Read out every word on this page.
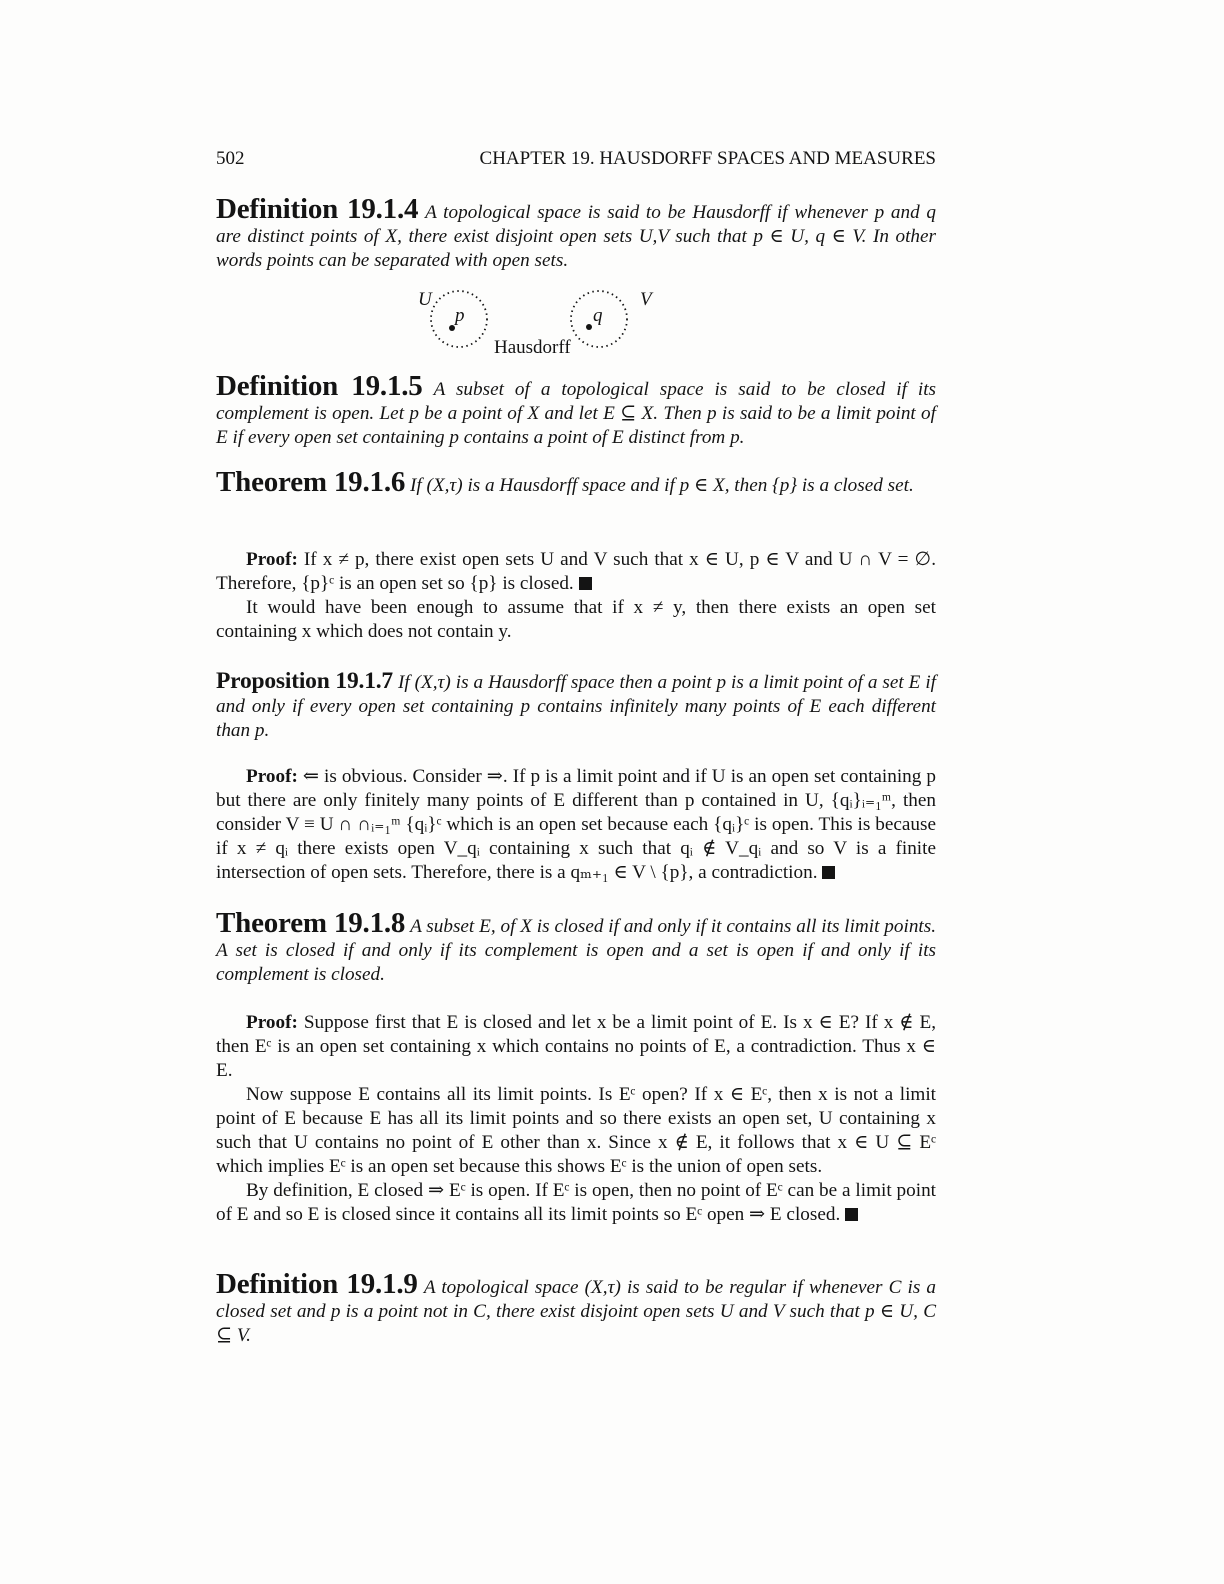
502	CHAPTER 19. HAUSDORFF SPACES AND MEASURES
Definition 19.1.4 A topological space is said to be Hausdorff if whenever p and q are distinct points of X, there exist disjoint open sets U,V such that p ∈ U, q ∈ V. In other words points can be separated with open sets.
U	V
p	q
Hausdorff
Definition 19.1.5 A subset of a topological space is said to be closed if its complement is open. Let p be a point of X and let E ⊆ X. Then p is said to be a limit point of E if every open set containing p contains a point of E distinct from p.
Theorem 19.1.6 If (X,τ) is a Hausdorff space and if p ∈ X, then {p} is a closed set.

Proof: If x ≠ p, there exist open sets U and V such that x ∈ U, p ∈ V and U ∩ V = ∅. Therefore, {p}ᶜ is an open set so {p} is closed.

It would have been enough to assume that if x ≠ y, then there exists an open set containing x which does not contain y.

Proposition 19.1.7 If (X,τ) is a Hausdorff space then a point p is a limit point of a set E if and only if every open set containing p contains infinitely many points of E each different than p.

Proof: ⇐ is obvious. Consider ⇒. If p is a limit point and if U is an open set containing p but there are only finitely many points of E different than p contained in U, {qᵢ}ᵢ₌₁ᵐ, then consider V ≡ U ∩ ∩ᵢ₌₁ᵐ {qᵢ}ᶜ which is an open set because each {qᵢ}ᶜ is open. This is because if x ≠ qᵢ there exists open V_qᵢ containing x such that qᵢ ∉ V_qᵢ and so V is a finite intersection of open sets. Therefore, there is a qₘ₊₁ ∈ V \ {p}, a contradiction.

Theorem 19.1.8 A subset E, of X is closed if and only if it contains all its limit points. A set is closed if and only if its complement is open and a set is open if and only if its complement is closed.

Proof: Suppose first that E is closed and let x be a limit point of E. Is x ∈ E? If x ∉ E, then Eᶜ is an open set containing x which contains no points of E, a contradiction. Thus x ∈ E.

Now suppose E contains all its limit points. Is Eᶜ open? If x ∈ Eᶜ, then x is not a limit point of E because E has all its limit points and so there exists an open set, U containing x such that U contains no point of E other than x. Since x ∉ E, it follows that x ∈ U ⊆ Eᶜ which implies Eᶜ is an open set because this shows Eᶜ is the union of open sets.

By definition, E closed ⇒ Eᶜ is open. If Eᶜ is open, then no point of Eᶜ can be a limit point of E and so E is closed since it contains all its limit points so Eᶜ open ⇒ E closed.

Definition 19.1.9 A topological space (X,τ) is said to be regular if whenever C is a closed set and p is a point not in C, there exist disjoint open sets U and V such that p ∈ U, C ⊆ V.
